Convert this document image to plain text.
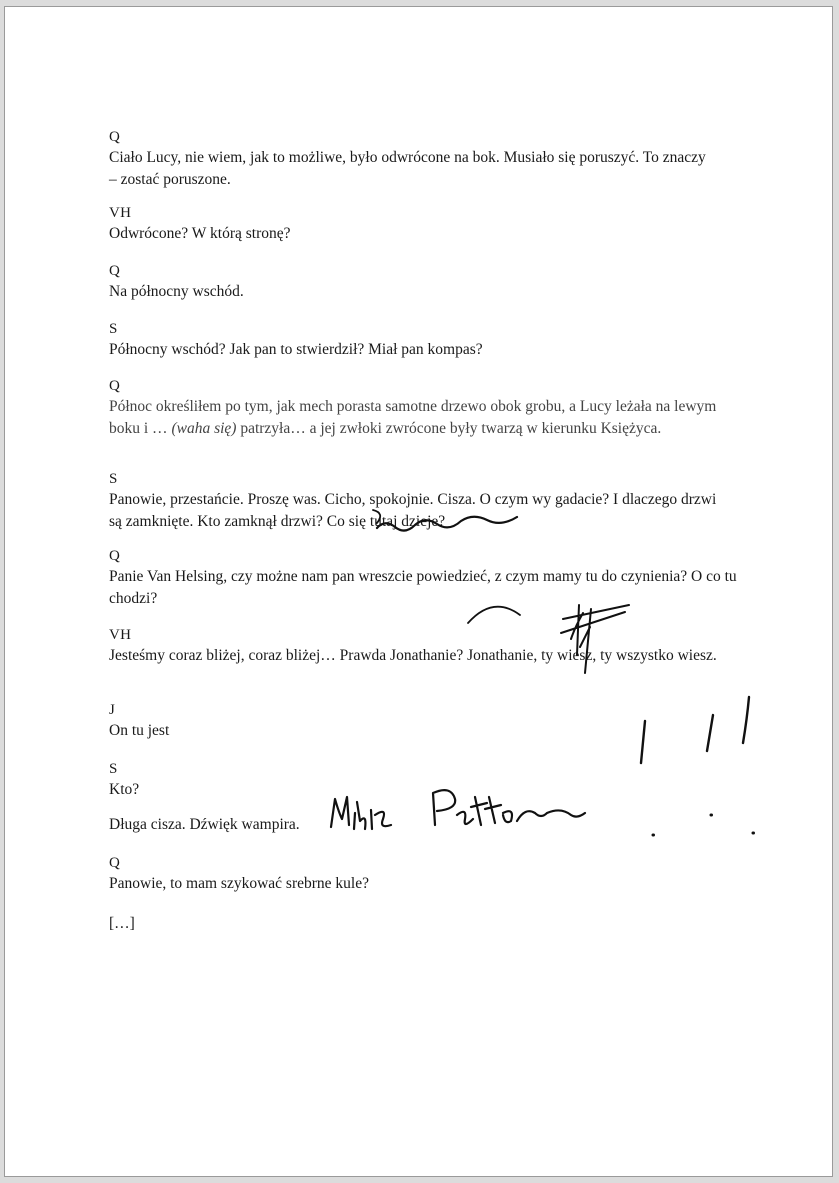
Q
Ciało Lucy, nie wiem, jak to możliwe, było odwrócone na bok. Musiało się poruszyć. To znaczy – zostać poruszone.
VH
Odwrócone? W którą stronę?
Q
Na północny wschód.
S
Północny wschód? Jak pan to stwierdził? Miał pan kompas?
Q
Północ określiłem po tym, jak mech porasta samotne drzewo obok grobu, a Lucy leżała na lewym boku i … (waha się) patrzyła… a jej zwłoki zwrócone były twarzą w kierunku Księżyca.
S
Panowie, przestańcie. Proszę was. Cicho, spokojnie. Cisza. O czym wy gadacie? I dlaczego drzwi są zamknięte. Kto zamknął drzwi? Co się tutaj dzieje?
Q
Panie Van Helsing, czy możne nam pan wreszcie powiedzieć, z czym mamy tu do czynienia? O co tu chodzi?
VH
Jesteśmy coraz bliżej, coraz bliżej… Prawda Jonathanie? Jonathanie, ty wiesz, ty wszystko wiesz.
J
On tu jest
S
Kto?
Długa cisza. Dźwięk wampira.
Q
Panowie, to mam szykować srebrne kule?
[…]
